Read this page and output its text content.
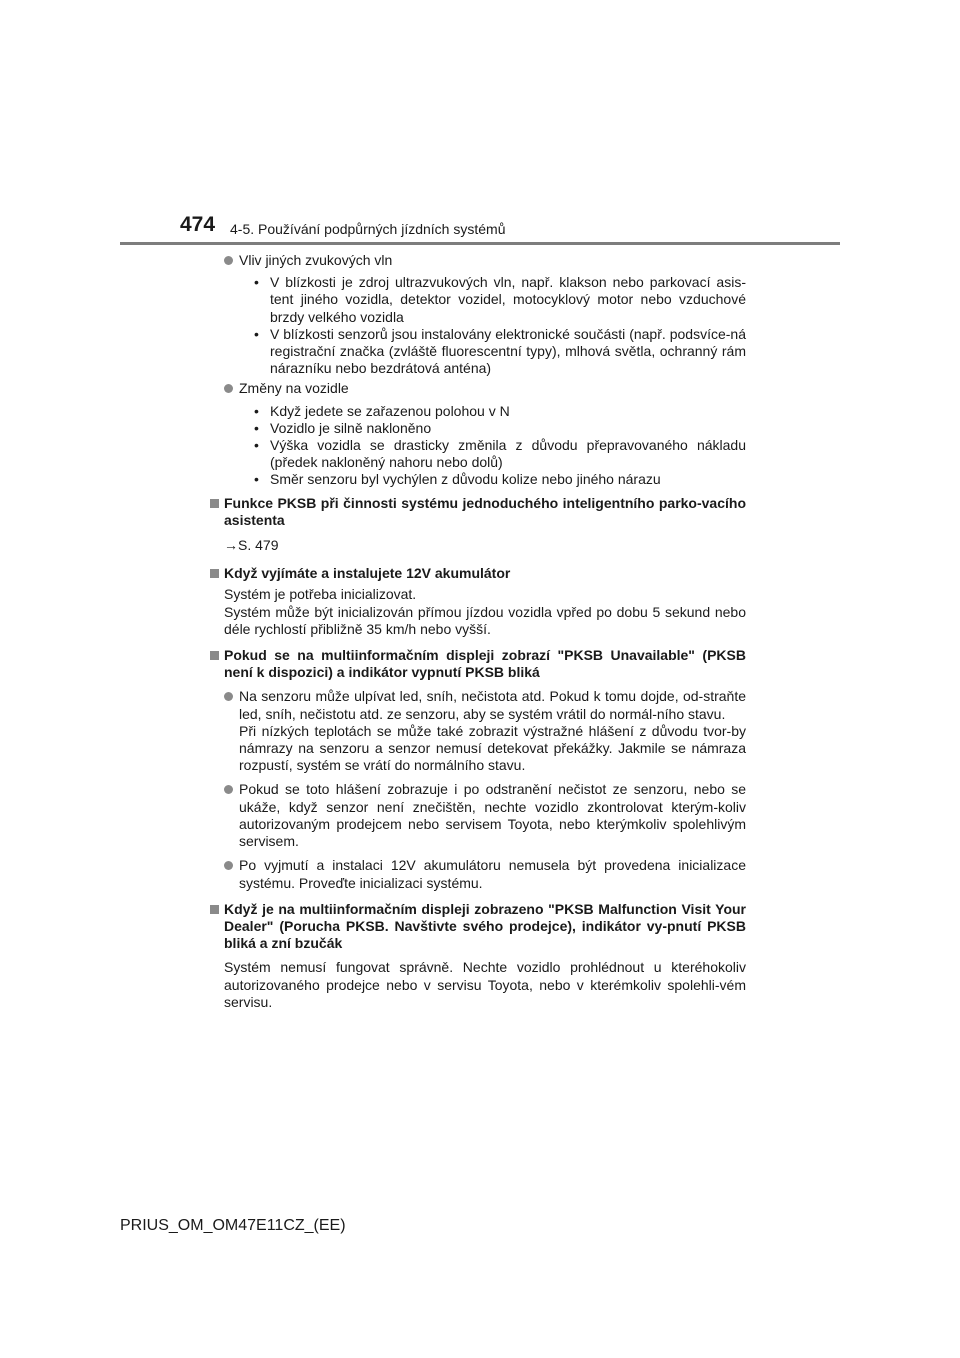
474 4-5. Používání podpůrných jízdních systémů

Vliv jiných zvukových vln

• V blízkosti je zdroj ultrazvukových vln, např. klakson nebo parkovací asis-tent jiného vozidla, detektor vozidel, motocyklový motor nebo vzduchové brzdy velkého vozidla
• V blízkosti senzorů jsou instalovány elektronické součásti (např. podsvíce-ná registrační značka (zvláště fluorescentní typy), mlhová světla, ochranný rám nárazníku nebo bezdrátová anténa)

Změny na vozidle

• Když jedete se zařazenou polohou v N
• Vozidlo je silně nakloněno
• Výška vozidla se drasticky změnila z důvodu přepravovaného nákladu (předek nakloněný nahoru nebo dolů)
• Směr senzoru byl vychýlen z důvodu kolize nebo jiného nárazu

Funkce PKSB při činnosti systému jednoduchého inteligentního parko-vacího asistenta

→S. 479

Když vyjímáte a instalujete 12V akumulátor

Systém je potřeba inicializovat.

Systém může být inicializován přímou jízdou vozidla vpřed po dobu 5 sekund nebo déle rychlostí přibližně 35 km/h nebo vyšší.

Pokud se na multiinformačním displeji zobrazí "PKSB Unavailable" (PKSB není k dispozici) a indikátor vypnutí PKSB bliká

Na senzoru může ulpívat led, sníh, nečistota atd. Pokud k tomu dojde, od-straňte led, sníh, nečistotu atd. ze senzoru, aby se systém vrátil do normál-ního stavu.

Při nízkých teplotách se může také zobrazit výstražné hlášení z důvodu tvor-by námrazy na senzoru a senzor nemusí detekovat překážky. Jakmile se námraza rozpustí, systém se vrátí do normálního stavu.

Pokud se toto hlášení zobrazuje i po odstranění nečistot ze senzoru, nebo se ukáže, když senzor není znečištěn, nechte vozidlo zkontrolovat kterým-koliv autorizovaným prodejcem nebo servisem Toyota, nebo kterýmkoliv spolehlivým servisem.

Po vyjmutí a instalaci 12V akumulátoru nemusela být provedena inicializace systému. Proveďte inicializaci systému.

Když je na multiinformačním displeji zobrazeno "PKSB Malfunction Visit Your Dealer" (Porucha PKSB. Navštivte svého prodejce), indikátor vy-pnutí PKSB bliká a zní bzučák

Systém nemusí fungovat správně. Nechte vozidlo prohlédnout u kteréhokoliv autorizovaného prodejce nebo v servisu Toyota, nebo v kterémkoliv spolehli-vém servisu.

PRIUS_OM_OM47E11CZ_(EE)
